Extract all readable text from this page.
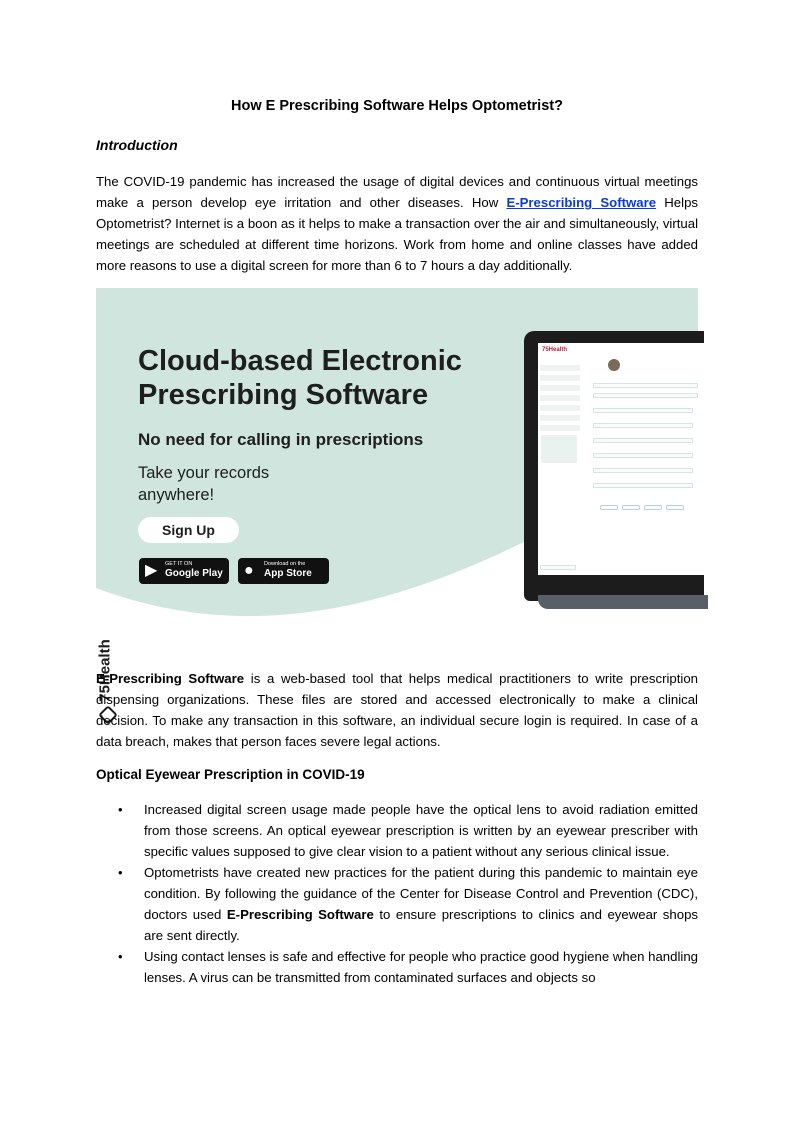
How E Prescribing Software Helps Optometrist?
Introduction

The COVID-19 pandemic has increased the usage of digital devices and continuous virtual meetings make a person develop eye irritation and other diseases. How E-Prescribing Software Helps Optometrist? Internet is a boon as it helps to make a transaction over the air and simultaneously, virtual meetings are scheduled at different time horizons. Work from home and online classes have added more reasons to use a digital screen for more than 6 to 7 hours a day additionally.

75Health
Cloud-based Electronic Prescribing Software
No need for calling in prescriptions
Take your records anywhere!
Sign Up
▶ GET IT ON
Google Play ● Download on the
App Store
75Health

E-Prescribing Software is a web-based tool that helps medical practitioners to write prescription dispensing organizations. These files are stored and accessed electronically to make a clinical decision. To make any transaction in this software, an individual secure login is required. In case of a data breach, makes that person faces severe legal actions.

Optical Eyewear Prescription in COVID-19
• Increased digital screen usage made people have the optical lens to avoid radiation emitted from those screens. An optical eyewear prescription is written by an eyewear prescriber with specific values supposed to give clear vision to a patient without any serious clinical issue.
• Optometrists have created new practices for the patient during this pandemic to maintain eye condition. By following the guidance of the Center for Disease Control and Prevention (CDC), doctors used E-Prescribing Software to ensure prescriptions to clinics and eyewear shops are sent directly.
• Using contact lenses is safe and effective for people who practice good hygiene when handling lenses. A virus can be transmitted from contaminated surfaces and objects so
